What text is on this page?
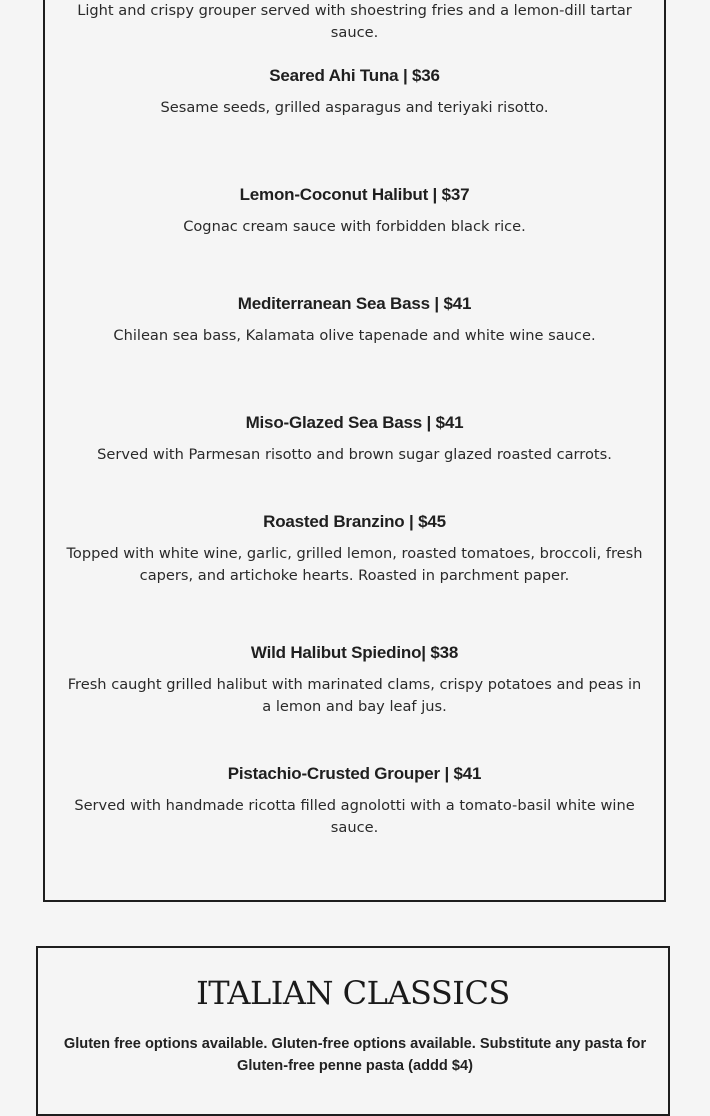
Light and crispy grouper served with shoestring fries and a lemon-dill tartar sauce.
Seared Ahi Tuna | $36
Sesame seeds, grilled asparagus and teriyaki risotto.
Lemon-Coconut Halibut | $37
Cognac cream sauce with forbidden black rice.
Mediterranean Sea Bass | $41
Chilean sea bass, Kalamata olive tapenade and white wine sauce.
Miso-Glazed Sea Bass | $41
Served with Parmesan risotto and brown sugar glazed roasted carrots.
Roasted Branzino | $45
Topped with white wine, garlic, grilled lemon, roasted tomatoes, broccoli, fresh capers, and artichoke hearts. Roasted in parchment paper.
Wild Halibut Spiedino| $38
Fresh caught grilled halibut with marinated clams, crispy potatoes and peas in a lemon and bay leaf jus.
Pistachio-Crusted Grouper | $41
Served with handmade ricotta filled agnolotti with a tomato-basil white wine sauce.
ITALIAN CLASSICS
Gluten free options available. Gluten-free options available. Substitute any pasta for Gluten-free penne pasta (addd $4)
